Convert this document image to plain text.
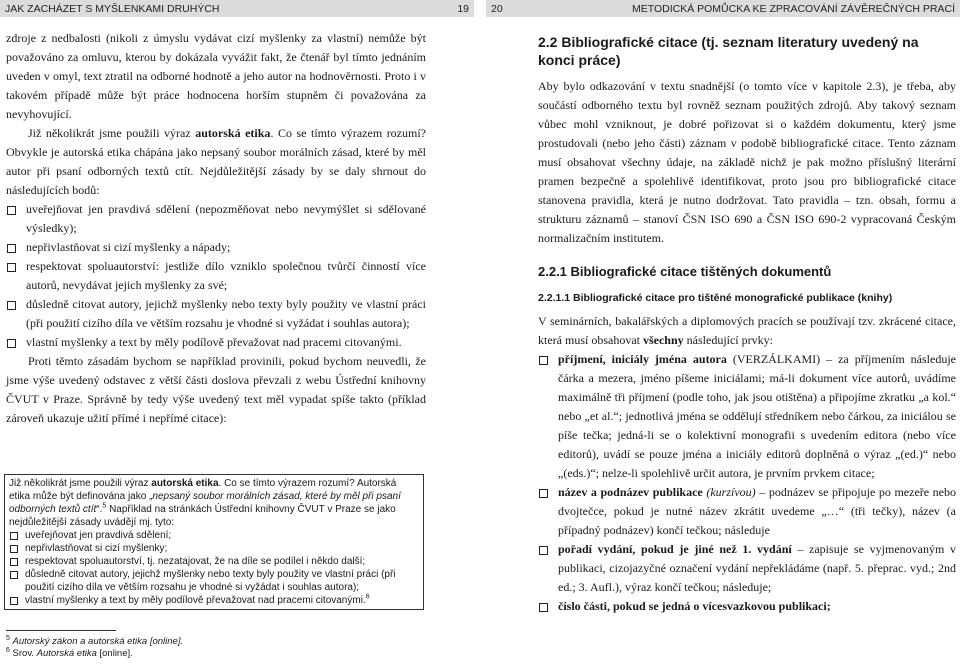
JAK ZACHÁZET S MYŠLENKAMI DRUHÝCH	19

zdroje z nedbalosti (nikoli z úmyslu vydávat cizí myšlenky za vlastní) nemůže být považováno za omluvu, kterou by dokázala vyvážit fakt, že čtenář byl tímto jednáním uveden v omyl, text ztratil na odborné hodnotě a jeho autor na hodnověrnosti. Proto i v takovém případě může být práce hodnocena horším stupněm či považována za nevyhovující.

Již několikrát jsme použili výraz autorská etika. Co se tímto výrazem rozumí? Obvykle je autorská etika chápána jako nepsaný soubor morálních zásad, které by měl autor při psaní odborných textů ctít. Nejdůležitější zásady by se daly shrnout do následujících bodů:

uveřejňovat jen pravdivá sdělení (nepozměňovat nebo nevymýšlet si sdělované výsledky);
nepřivlastňovat si cizí myšlenky a nápady;
respektovat spoluautorství: jestliže dílo vzniklo společnou tvůrčí činností více autorů, nevydávat jejich myšlenky za své;
důsledně citovat autory, jejichž myšlenky nebo texty byly použity ve vlastní práci (při použití cizího díla ve větším rozsahu je vhodné si vyžádat i souhlas autora);
vlastní myšlenky a text by měly podílově převažovat nad pracemi citovanými.

Proti těmto zásadám bychom se například provinili, pokud bychom neuvedli, že jsme výše uvedený odstavec z větší části doslova převzali z webu Ústřední knihovny ČVUT v Praze. Správně by tedy výše uvedený text měl vypadat spíše takto (příklad zároveň ukazuje užití přímé i nepřímé citace):

Již několikrát jsme použili výraz autorská etika. Co se tímto výrazem rozumí? Autorská etika může být definována jako „nepsaný soubor morálních zásad, které by měl při psaní odborných textů ctít“.$^5$ Například na stránkách Ústřední knihovny ČVUT v Praze se jako nejdůležitější zásady uvádějí mj. tyto:
uveřejňovat jen pravdivá sdělení;
nepřivlastňovat si cizí myšlenky;
respektovat spoluautorství, tj. nezatajovat, že na díle se podílel i někdo další;
důsledně citovat autory, jejichž myšlenky nebo texty byly použity ve vlastní práci (při použití cizího díla ve větším rozsahu je vhodné si vyžádat i souhlas autora);
vlastní myšlenky a text by měly podílově převažovat nad pracemi citovanými.$^6$
$^5$ Autorský zákon a autorská etika [online].
$^6$ Srov. Autorská etika [online].
20	METODICKÁ POMŮCKA KE ZPRACOVÁNÍ ZÁVĚREČNÝCH PRACÍ
2.2 Bibliografické citace (tj. seznam literatury uvedený na konci práce)

Aby bylo odkazování v textu snadnější (o tomto více v kapitole 2.3), je třeba, aby součástí odborného textu byl rovněž seznam použitých zdrojů. Aby takový seznam vůbec mohl vzniknout, je dobré pořizovat si o každém dokumentu, který jsme prostudovali (nebo jeho části) záznam v podobě bibliografické citace. Tento záznam musí obsahovat všechny údaje, na základě nichž je pak možno příslušný literární pramen bezpečně a spolehlivě identifikovat, proto jsou pro bibliografické citace stanovena pravidla, která je nutno dodržovat. Tato pravidla – tzn. obsah, formu a strukturu záznamů – stanoví ČSN ISO 690 a ČSN ISO 690-2 vypracovaná Českým normalizačním institutem.

2.2.1 Bibliografické citace tištěných dokumentů
2.2.1.1 Bibliografické citace pro tištěné monografické publikace (knihy)

V seminárních, bakalářských a diplomových pracích se používají tzv. zkrácené citace, která musí obsahovat všechny následující prvky:

příjmení, iniciály jména autora (VERZÁLKAMI) – za příjmením následuje čárka a mezera, jméno píšeme iniciálami; má-li dokument více autorů, uvádíme maximálně tři příjmení (podle toho, jak jsou otištěna) a připojíme zkratku „a kol.“ nebo „et al.“; jednotlivá jména se oddělují středníkem nebo čárkou, za iniciálou se píše tečka; jedná-li se o kolektivní monografii s uvedením editora (nebo více editorů), uvádí se pouze jména a iniciály editorů doplněná o výraz „(ed.)“ nebo „(eds.)“; nelze-li spolehlivě určit autora, je prvním prvkem citace;
název a podnázev publikace (kurzívou) – podnázev se připojuje po mezeře nebo dvojtečce, pokud je nutné název zkrátit uvedeme „…“ (tři tečky), název (a případný podnázev) končí tečkou; následuje
pořadí vydání, pokud je jiné než 1. vydání – zapisuje se vyjmenovaným v publikaci, cizojazyčné označení vydání nepřekládáme (např. 5. přeprac. vyd.; 2nd ed.; 3. Aufl.), výraz končí tečkou; následuje;
číslo části, pokud se jedná o vícesvazkovou publikaci;
